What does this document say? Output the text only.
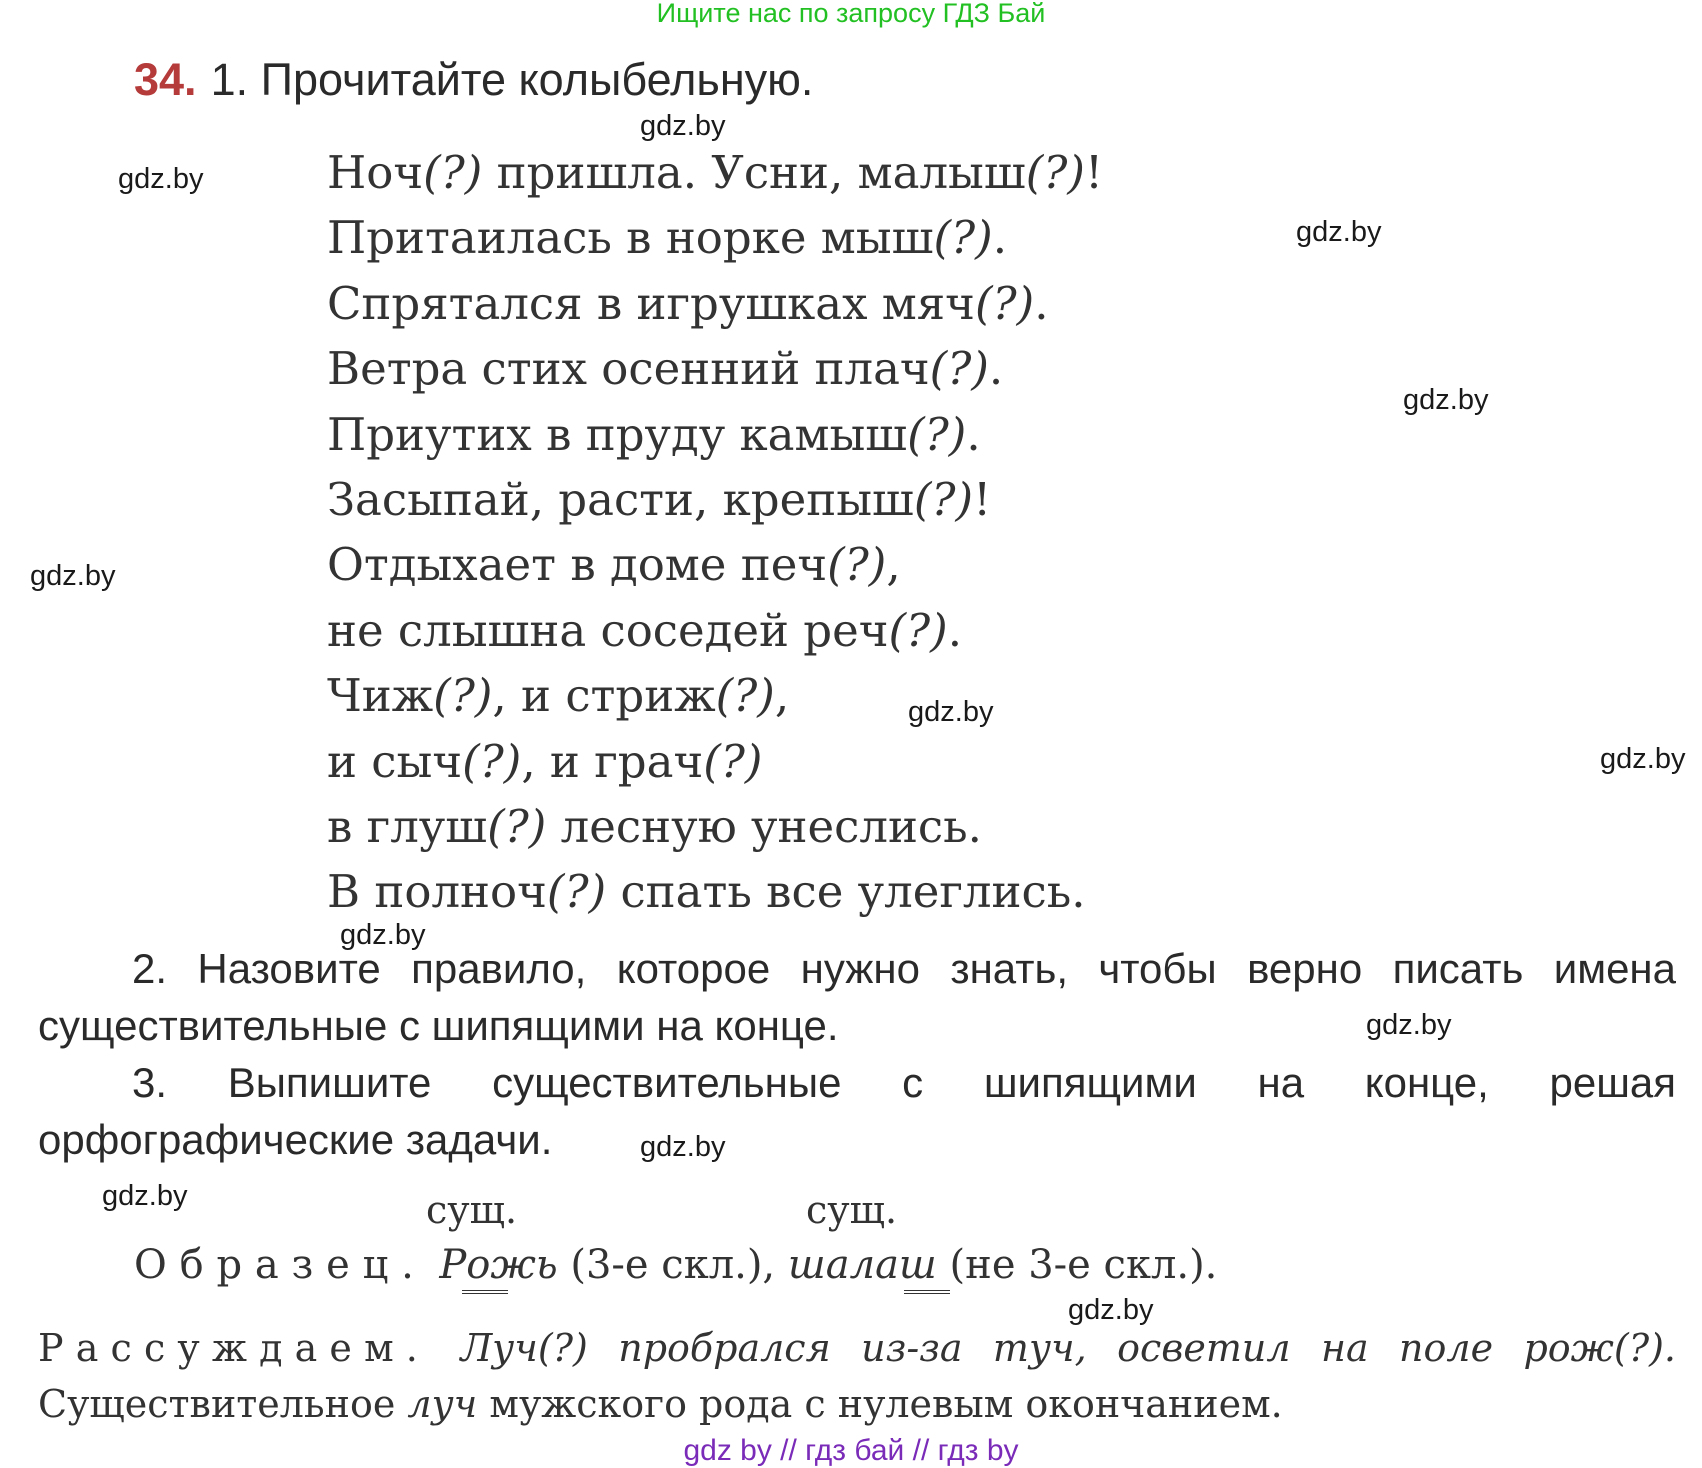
Ищите нас по запросу ГДЗ Бай
34. 1. Прочитайте колыбельную.
Ноч(?) пришла. Усни, малыш(?)!
Притаилась в норке мыш(?).
Спрятался в игрушках мяч(?).
Ветра стих осенний плач(?).
Приутих в пруду камыш(?).
Засыпай, расти, крепыш(?)!
Отдыхает в доме печ(?),
не слышна соседей реч(?).
Чиж(?), и стриж(?),
и сыч(?), и грач(?)
в глуш(?) лесную унеслись.
В полноч(?) спать все улеглись.
2. Назовите правило, которое нужно знать, чтобы верно писать имена существительные с шипящими на конце.
3. Выпишите существительные с шипящими на конце, решая орфографические задачи.
сущ.	сущ.
Образец. Рожь (3-е скл.), шалаш (не 3-е скл.).
Рассуждаем. Луч(?) пробрался из-за туч, осветил на поле рож(?). Существительное луч мужского рода с нулевым окончанием.
gdz.by
gdz.by
gdz.by
gdz.by
gdz.by
gdz.by
gdz.by
gdz.by
gdz.by
gdz.by
gdz.by
gdz.by
gdz by // гдз бай // гдз by
